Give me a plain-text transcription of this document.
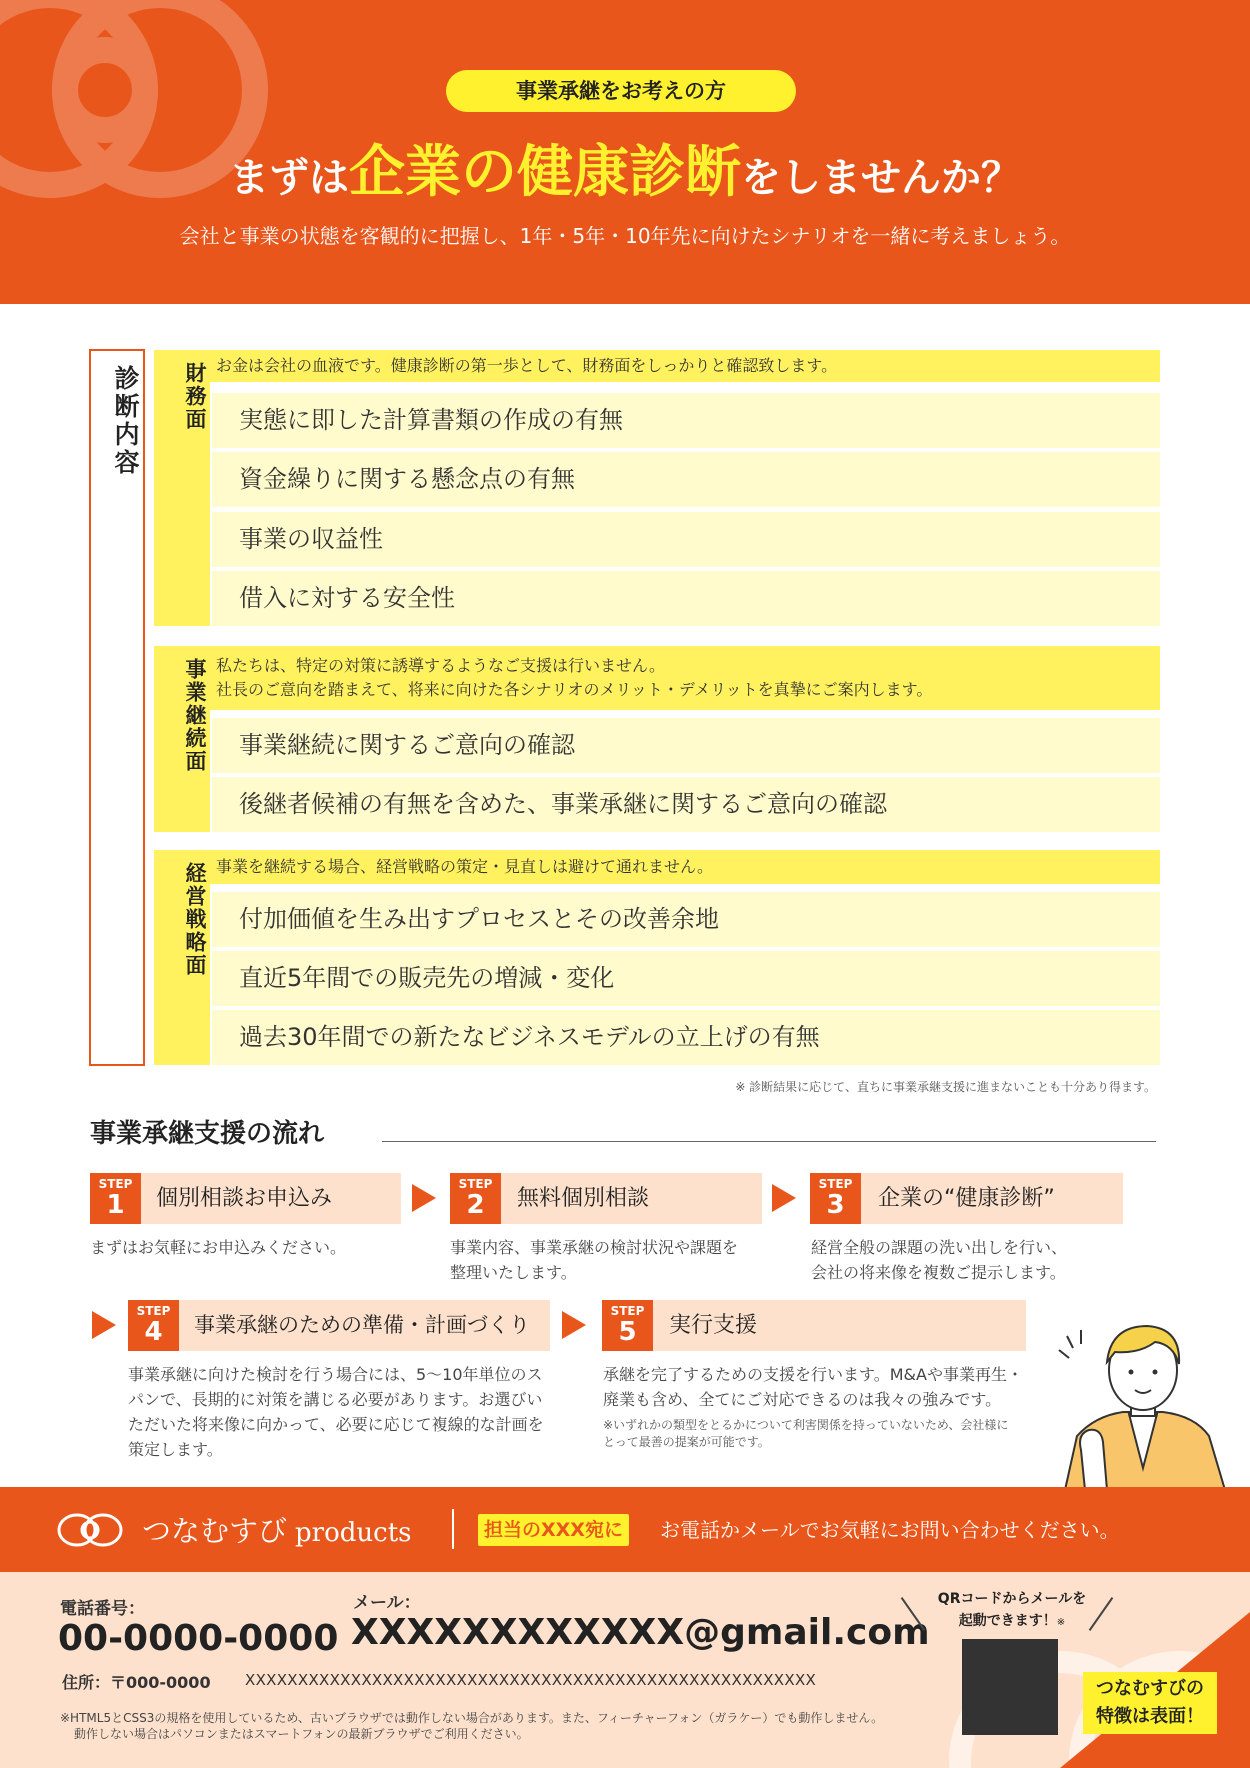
事業承継をお考えの方
まずは企業の健康診断をしませんか？

会社と事業の状態を客観的に把握し、1年・5年・10年先に向けたシナリオを一緒に考えましょう。

診断内容	財務面 お金は会社の血液です。健康診断の第一歩として、財務面をしっかりと確認致します。
実態に即した計算書類の作成の有無
資金繰りに関する懸念点の有無
事業の収益性
借入に対する安全性
事業継続面 私たちは、特定の対策に誘導するようなご支援は行いません。
社長のご意向を踏まえて、将来に向けた各シナリオのメリット・デメリットを真摯にご案内します。
事業継続に関するご意向の確認
後継者候補の有無を含めた、事業承継に関するご意向の確認
経営戦略面 事業を継続する場合、経営戦略の策定・見直しは避けて通れません。
付加価値を生み出すプロセスとその改善余地
直近5年間での販売先の増減・変化
過去30年間での新たなビジネスモデルの立上げの有無
※ 診断結果に応じて、直ちに事業承継支援に進まないことも十分あり得ます。
事業承継支援の流れ
STEP
1	個別相談お申込み
まずはお気軽にお申込みください。
STEP
2	無料個別相談
事業内容、事業承継の検討状況や課題を
整理いたします。
STEP
3	企業の“健康診断”
経営全般の課題の洗い出しを行い、
会社の将来像を複数ご提示します。
STEP
4	事業承継のための準備・計画づくり
事業承継に向けた検討を行う場合には、5〜10年単位のス
パンで、長期的に対策を講じる必要があります。お選びい
ただいた将来像に向かって、必要に応じて複線的な計画を
策定します。
STEP
5	実行支援
承継を完了するための支援を行います。M&Aや事業再生・
廃業も含め、全てにご対応できるのは我々の強みです。
※いずれかの類型をとるかについて利害関係を持っていないため、会社様に
とって最善の提案が可能です。
つなむすび products	担当のXXX宛に	お電話かメールでお気軽にお問い合わせください。
電話番号：
00-0000-0000
メール：
XXXXXXXXXXXX@gmail.com
住所：〒000-0000 XXXXXXXXXXXXXXXXXXXXXXXXXXXXXXXXXXXXXXXXXXXXXXXXXXXXXX
※HTML5とCSS3の規格を使用しているため、古いブラウザでは動作しない場合があります。また、フィーチャーフォン（ガラケー）でも動作しません。
動作しない場合はパソコンまたはスマートフォンの最新ブラウザでご利用ください。
QRコードからメールを
起動できます！※
つなむすびの
特徴は表面！
